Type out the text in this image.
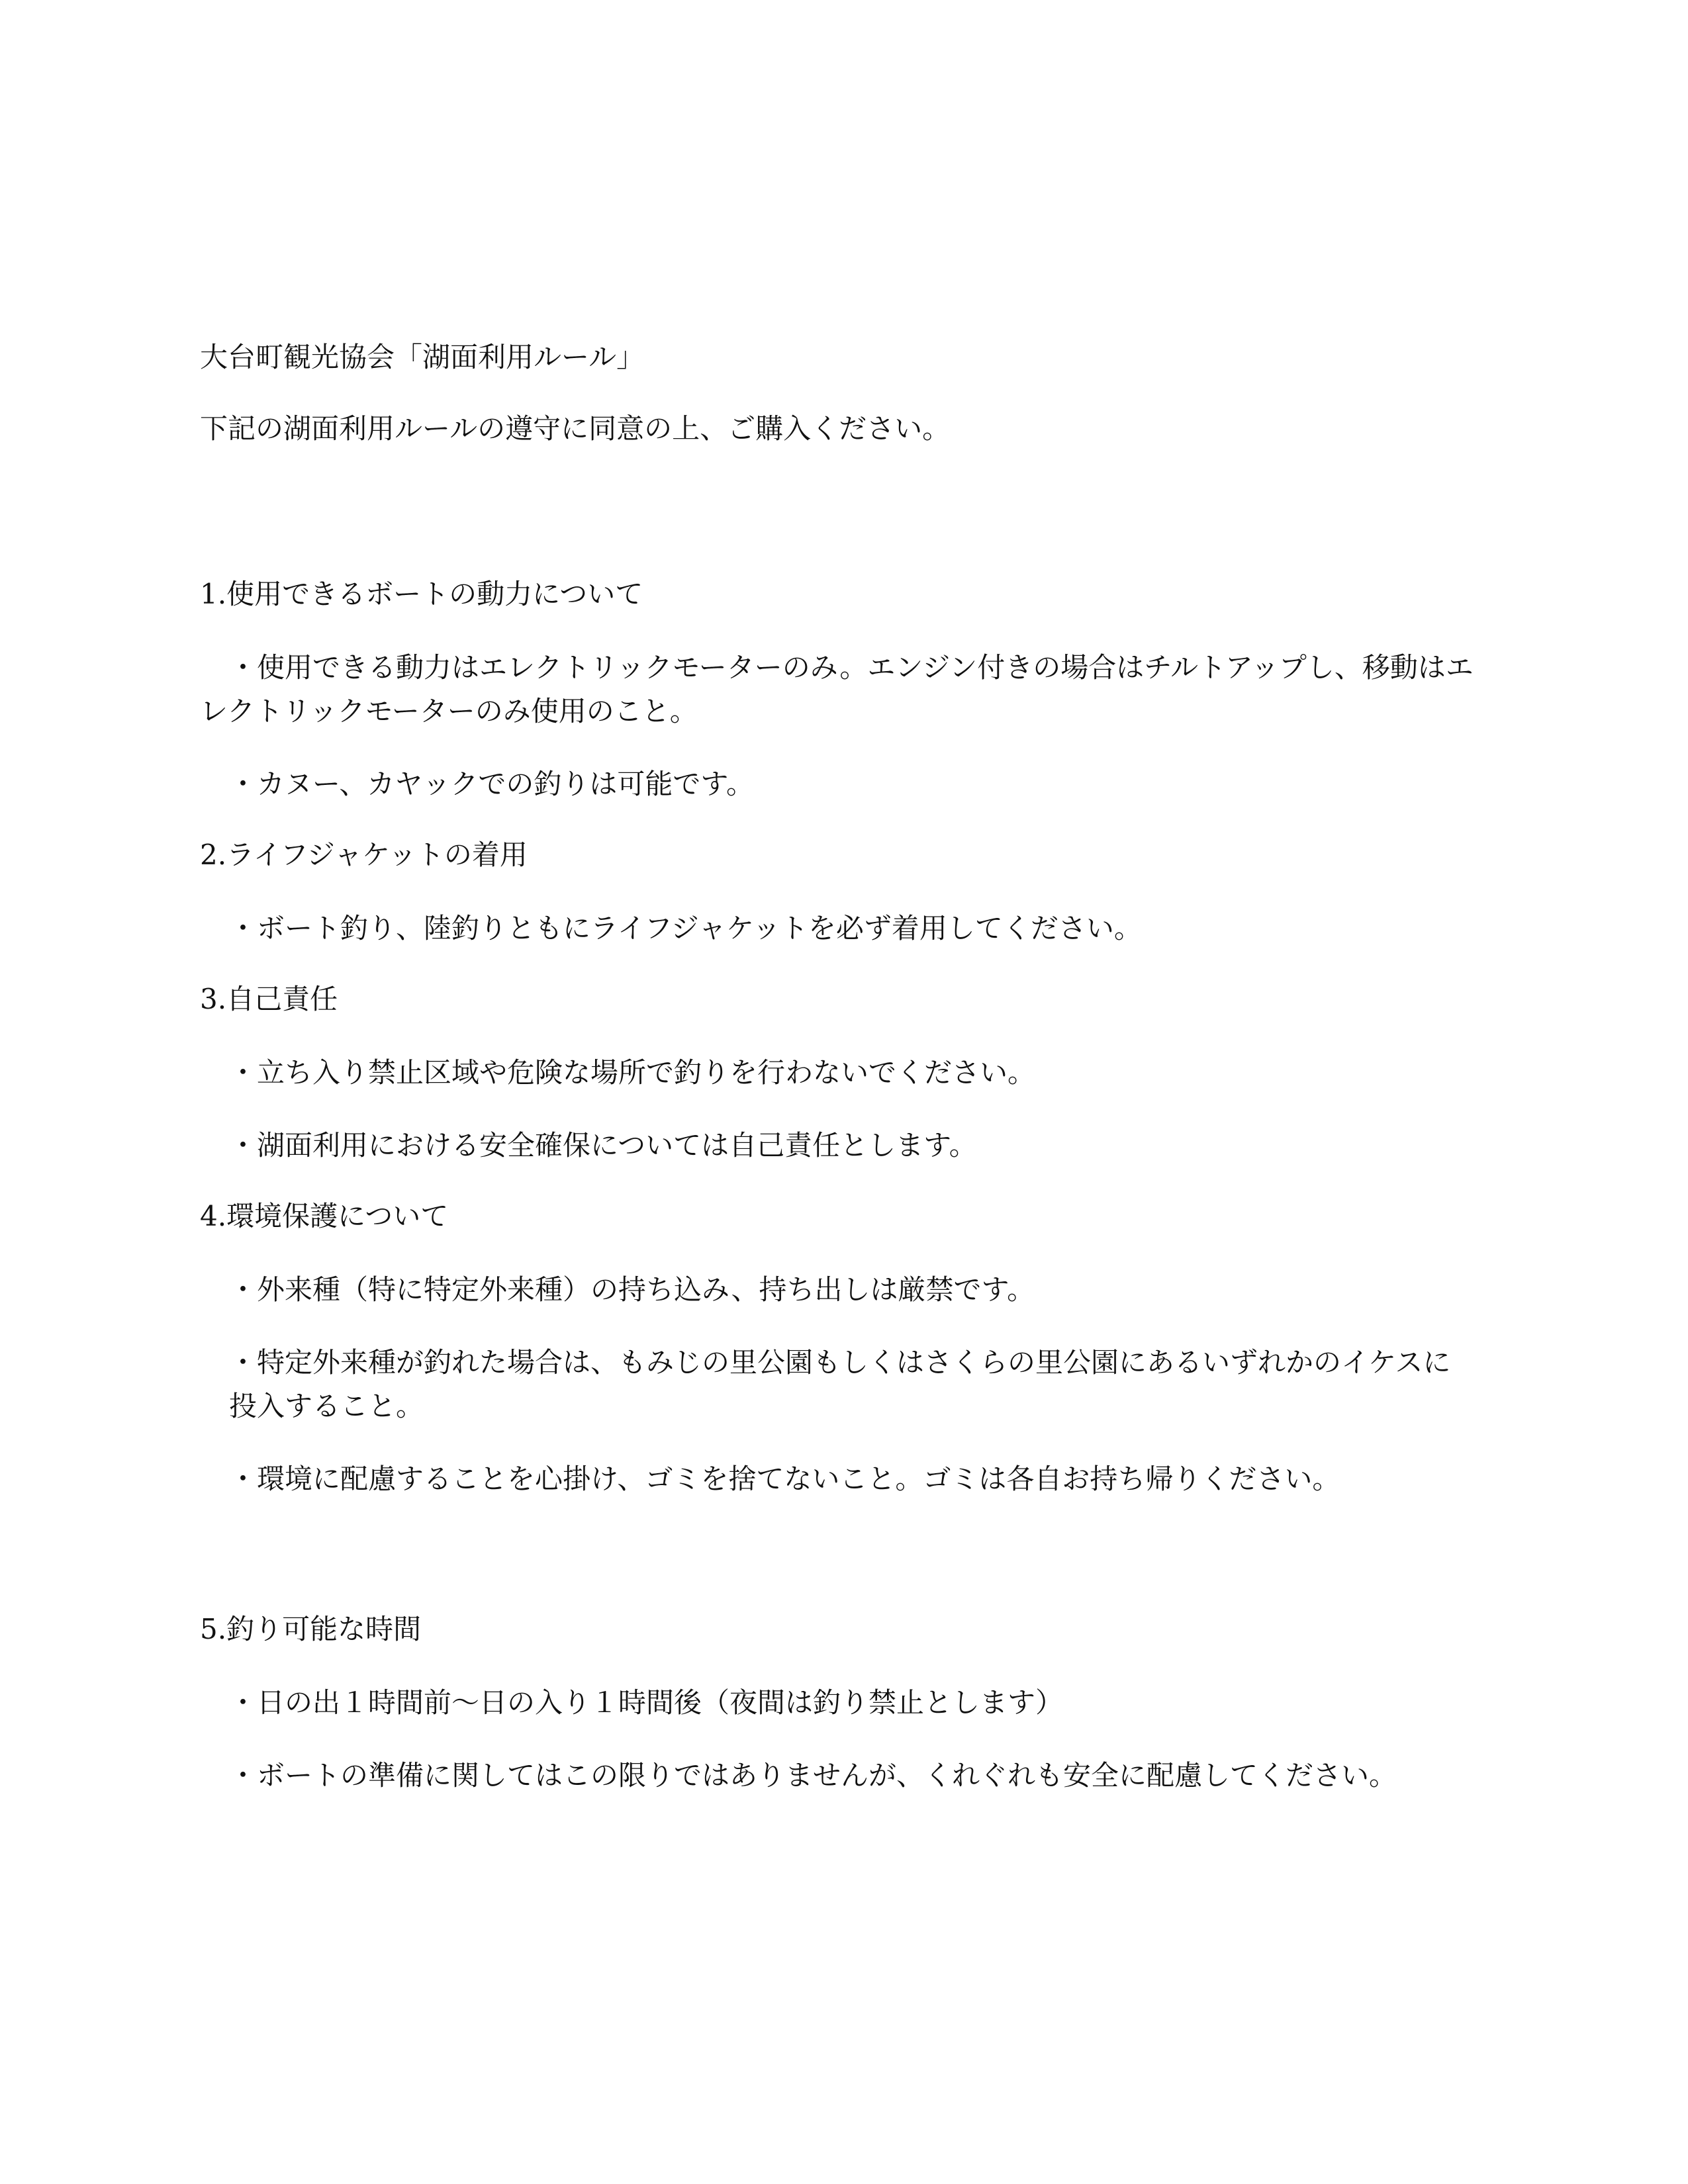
大台町観光協会「湖面利用ルール」

下記の湖面利用ルールの遵守に同意の上、ご購入ください。

1.使用できるボートの動力について

・使用できる動力はエレクトリックモーターのみ。エンジン付きの場合はチルトアップし、移動はエレクトリックモーターのみ使用のこと。

・カヌー、カヤックでの釣りは可能です。

2.ライフジャケットの着用

・ボート釣り、陸釣りともにライフジャケットを必ず着用してください。

3.自己責任

・立ち入り禁止区域や危険な場所で釣りを行わないでください。

・湖面利用における安全確保については自己責任とします。

4.環境保護について

・外来種（特に特定外来種）の持ち込み、持ち出しは厳禁です。

・特定外来種が釣れた場合は、もみじの里公園もしくはさくらの里公園にあるいずれかのイケスに投入すること。

・環境に配慮することを心掛け、ゴミを捨てないこと。ゴミは各自お持ち帰りください。

5.釣り可能な時間

・日の出１時間前〜日の入り１時間後（夜間は釣り禁止とします）

・ボートの準備に関してはこの限りではありませんが、くれぐれも安全に配慮してください。
